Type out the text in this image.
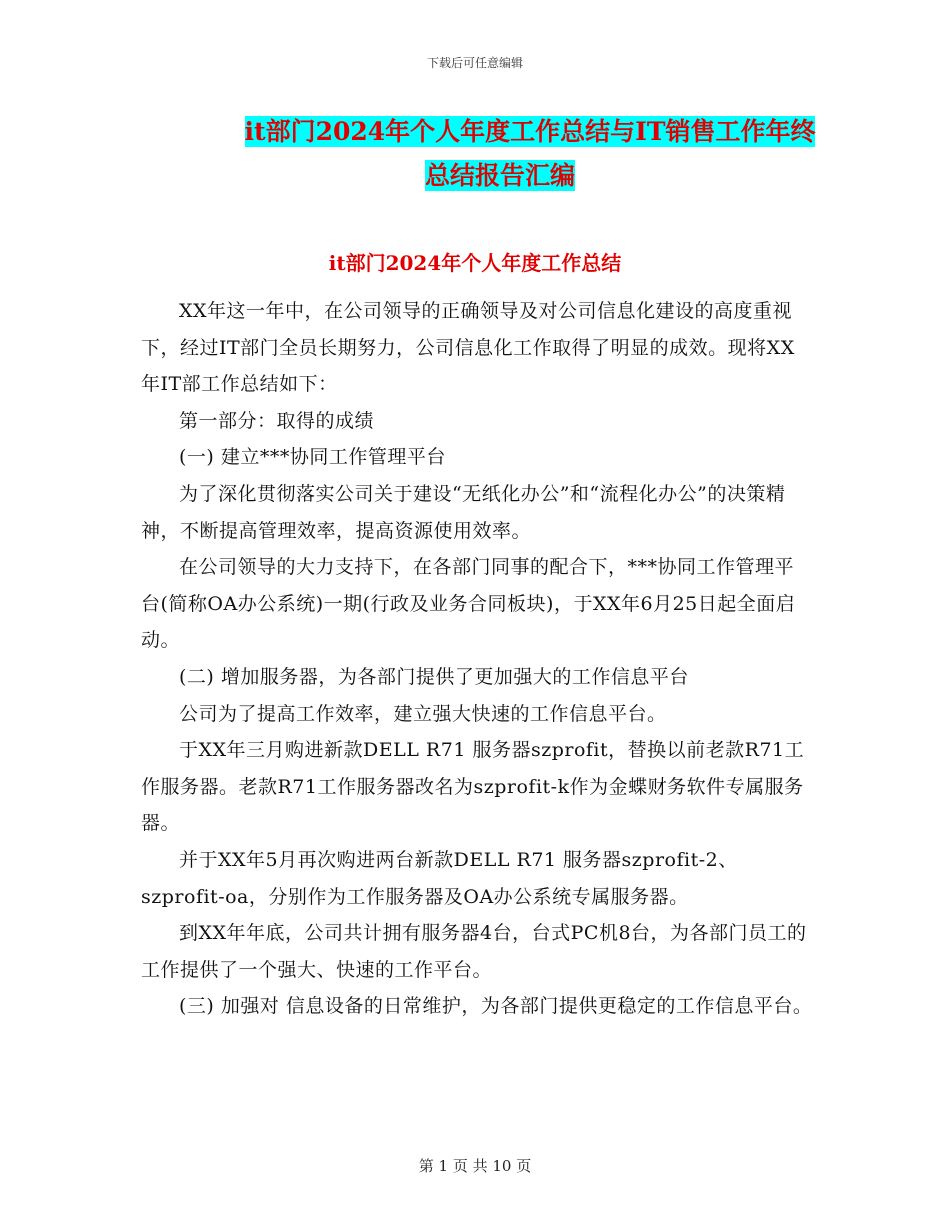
下载后可任意编辑
it部门2024年个人年度工作总结与IT销售工作年终
总结报告汇编
it部门2024年个人年度工作总结

XX年这一年中，在公司领导的正确领导及对公司信息化建设的高度重视下，经过IT部门全员长期努力，公司信息化工作取得了明显的成效。现将XX年IT部工作总结如下：

第一部分：取得的成绩

(一) 建立***协同工作管理平台

为了深化贯彻落实公司关于建设“无纸化办公”和“流程化办公”的决策精神，不断提高管理效率，提高资源使用效率。

在公司领导的大力支持下，在各部门同事的配合下，***协同工作管理平台(简称OA办公系统)一期(行政及业务合同板块)，于XX年6月25日起全面启动。

(二) 增加服务器，为各部门提供了更加强大的工作信息平台

公司为了提高工作效率，建立强大快速的工作信息平台。

于XX年三月购进新款DELL R71 服务器szprofit，替换以前老款R71工作服务器。老款R71工作服务器改名为szprofit-k作为金蝶财务软件专属服务器。

并于XX年5月再次购进两台新款DELL R71 服务器szprofit-2、szprofit-oa，分别作为工作服务器及OA办公系统专属服务器。

到XX年年底，公司共计拥有服务器4台，台式PC机8台，为各部门员工的工作提供了一个强大、快速的工作平台。

(三) 加强对 信息设备的日常维护，为各部门提供更稳定的工作信息平台。

第 1 页 共 10 页
